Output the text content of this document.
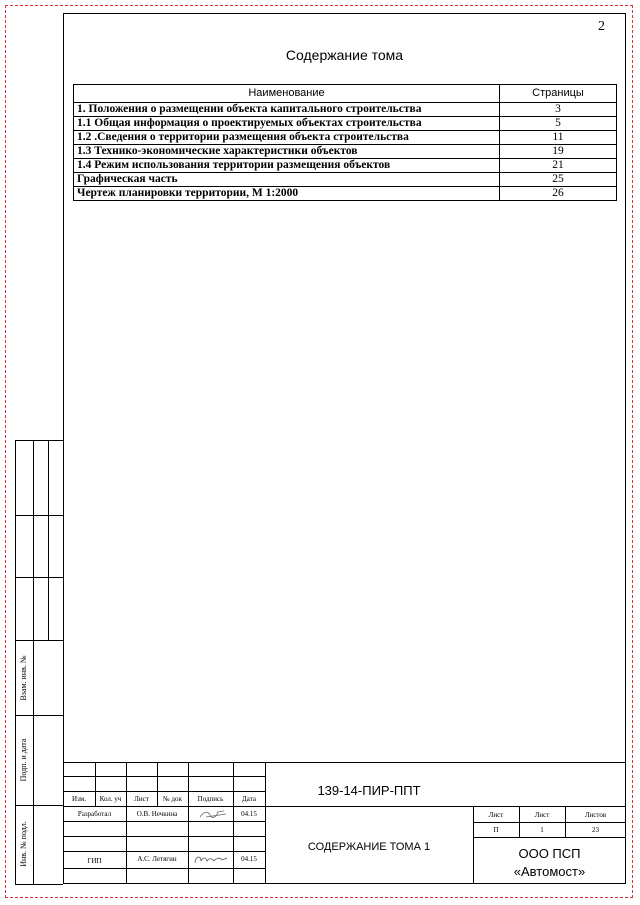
2
Содержание тома
Наименование	Страницы
1. Положения о размещении объекта капитального строительства	3
1.1 Общая информация о проектируемых объектах строительства	5
1.2 .Сведения о территории размещения объекта строительства	11
1.3 Технико-экономические характеристики объектов	19
1.4 Режим использования территории размещения объектов	21
Графическая часть	25
Чертеж планировки территории, М 1:2000	26
Взам. инв. №
Подп. и дата
Инв. № подл.
Изм.	Кол. уч	Лист	№ док	Подпись	Дата
Разработал	О.В. Нечкина	04.15
ГИП	А.С. Летягин	04.15
139-14-ПИР-ППТ
СОДЕРЖАНИЕ ТОМА 1
Лист	Лист	Листов
П	1	23
ООО ПСП
«Автомост»
